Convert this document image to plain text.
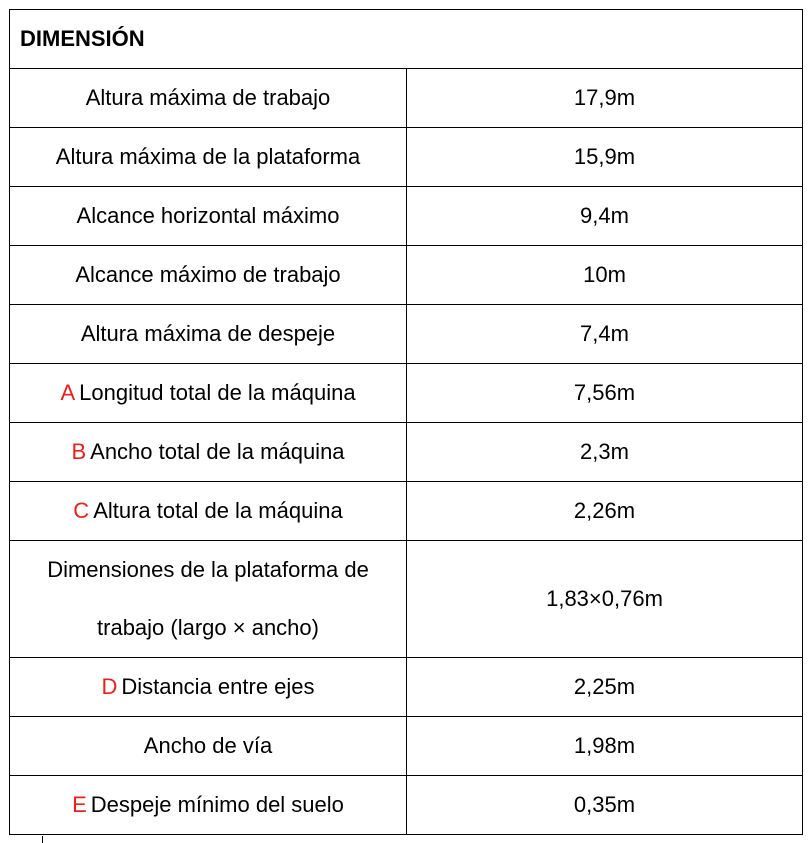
DIMENSIÓN	
Altura máxima de trabajo	17,9m
Altura máxima de la plataforma	15,9m
Alcance horizontal máximo	9,4m
Alcance máximo de trabajo	10m
Altura máxima de despeje	7,4m
A Longitud total de la máquina	7,56m
B Ancho total de la máquina	2,3m
C Altura total de la máquina	2,26m
Dimensiones de la plataforma de trabajo (largo × ancho)	1,83×0,76m
D Distancia entre ejes	2,25m
Ancho de vía	1,98m
E Despeje mínimo del suelo	0,35m
